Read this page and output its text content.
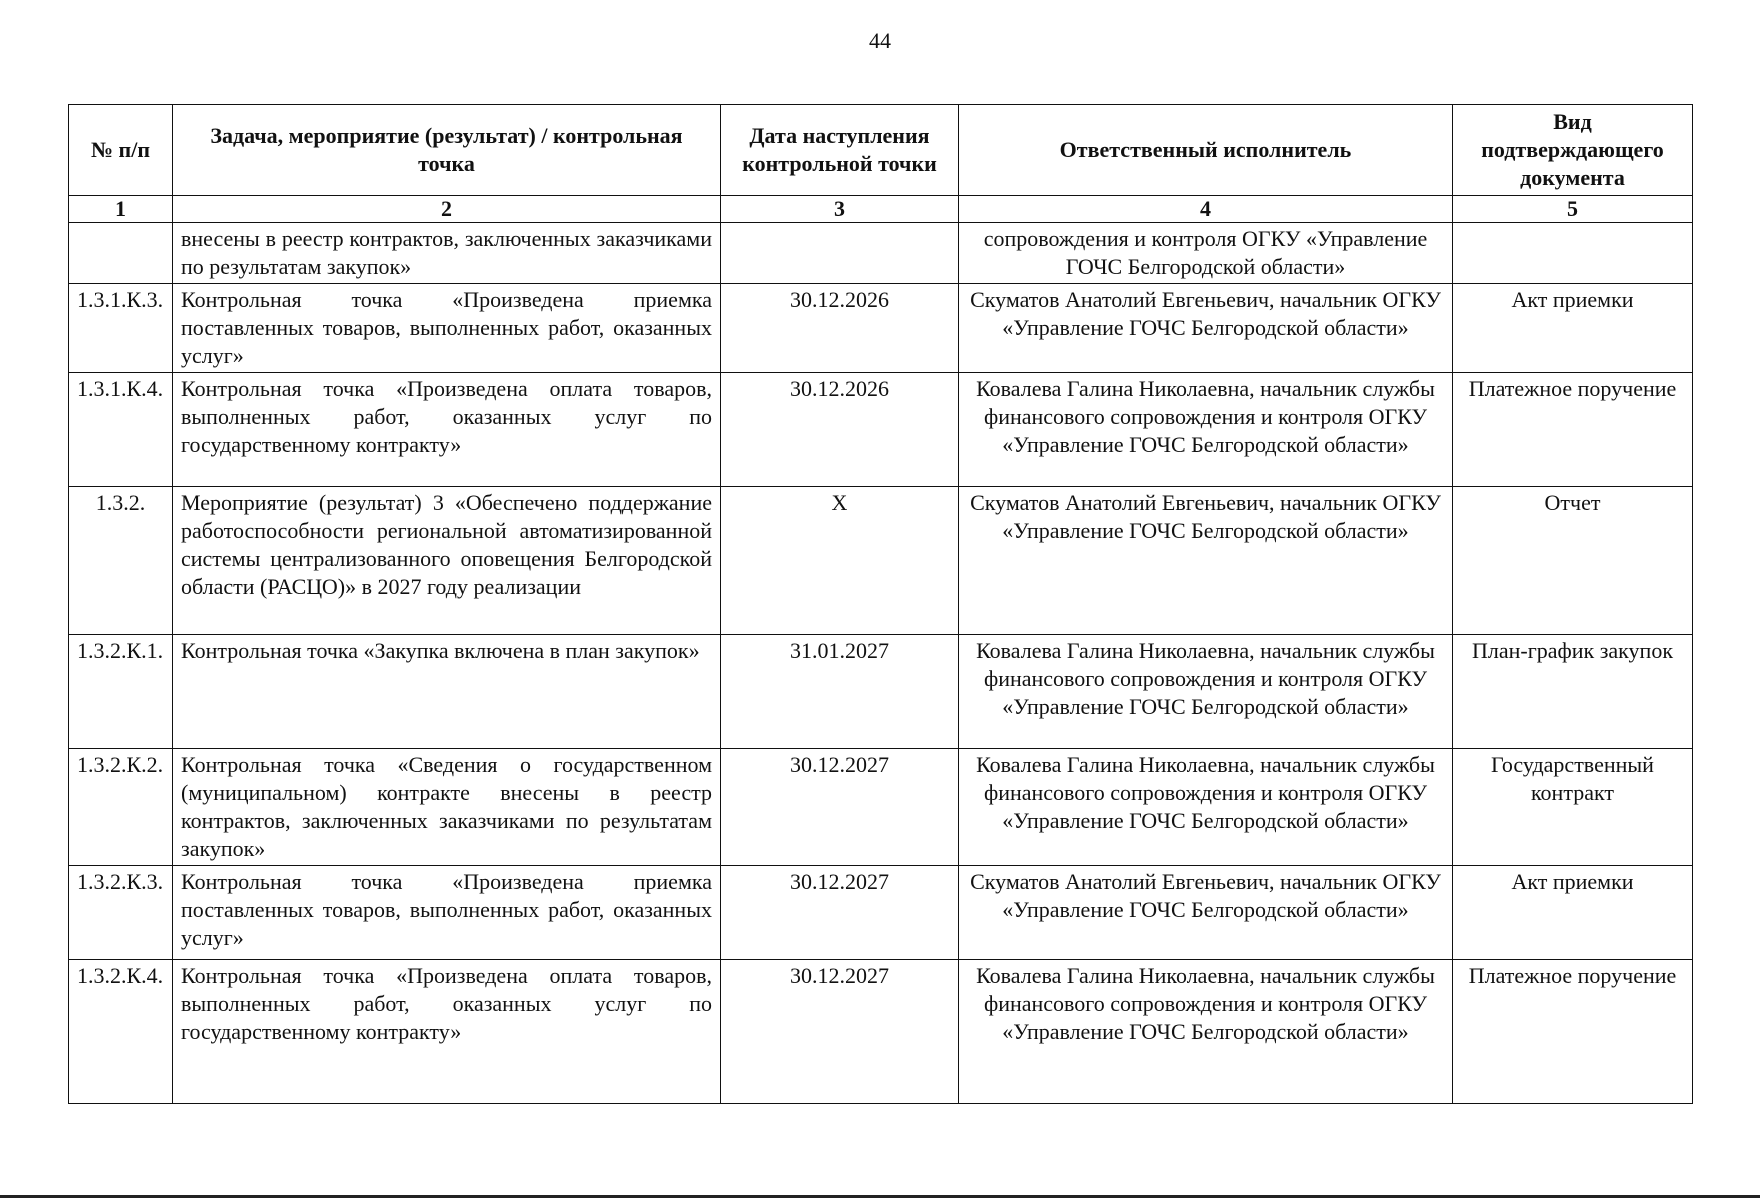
44
№ п/п	Задача, мероприятие (результат) / контрольная точка	Дата наступления контрольной точки	Ответственный исполнитель	Вид подтверждающего документа
1	2	3	4	5
	внесены в реестр контрактов, заключенных заказчиками по результатам закупок»		сопровождения и контроля ОГКУ «Управление ГОЧС Белгородской области»	
1.3.1.К.3.	Контрольная точка «Произведена приемка поставленных товаров, выполненных работ, оказанных услуг»	30.12.2026	Скуматов Анатолий Евгеньевич, начальник ОГКУ «Управление ГОЧС Белгородской области»	Акт приемки
1.3.1.К.4.	Контрольная точка «Произведена оплата товаров, выполненных работ, оказанных услуг по государственному контракту»	30.12.2026	Ковалева Галина Николаевна, начальник службы финансового сопровождения и контроля ОГКУ «Управление ГОЧС Белгородской области»	Платежное поручение
1.3.2.	Мероприятие (результат) 3 «Обеспечено поддержание работоспособности региональной автоматизированной системы централизованного оповещения Белгородской области (РАСЦО)» в 2027 году реализации	X	Скуматов Анатолий Евгеньевич, начальник ОГКУ «Управление ГОЧС Белгородской области»	Отчет
1.3.2.К.1.	Контрольная точка «Закупка включена в план закупок»	31.01.2027	Ковалева Галина Николаевна, начальник службы финансового сопровождения и контроля ОГКУ «Управление ГОЧС Белгородской области»	План-график закупок
1.3.2.К.2.	Контрольная точка «Сведения о государственном (муниципальном) контракте внесены в реестр контрактов, заключенных заказчиками по результатам закупок»	30.12.2027	Ковалева Галина Николаевна, начальник службы финансового сопровождения и контроля ОГКУ «Управление ГОЧС Белгородской области»	Государственный контракт
1.3.2.К.3.	Контрольная точка «Произведена приемка поставленных товаров, выполненных работ, оказанных услуг»	30.12.2027	Скуматов Анатолий Евгеньевич, начальник ОГКУ «Управление ГОЧС Белгородской области»	Акт приемки
1.3.2.К.4.	Контрольная точка «Произведена оплата товаров, выполненных работ, оказанных услуг по государственному контракту»	30.12.2027	Ковалева Галина Николаевна, начальник службы финансового сопровождения и контроля ОГКУ «Управление ГОЧС Белгородской области»	Платежное поручение
